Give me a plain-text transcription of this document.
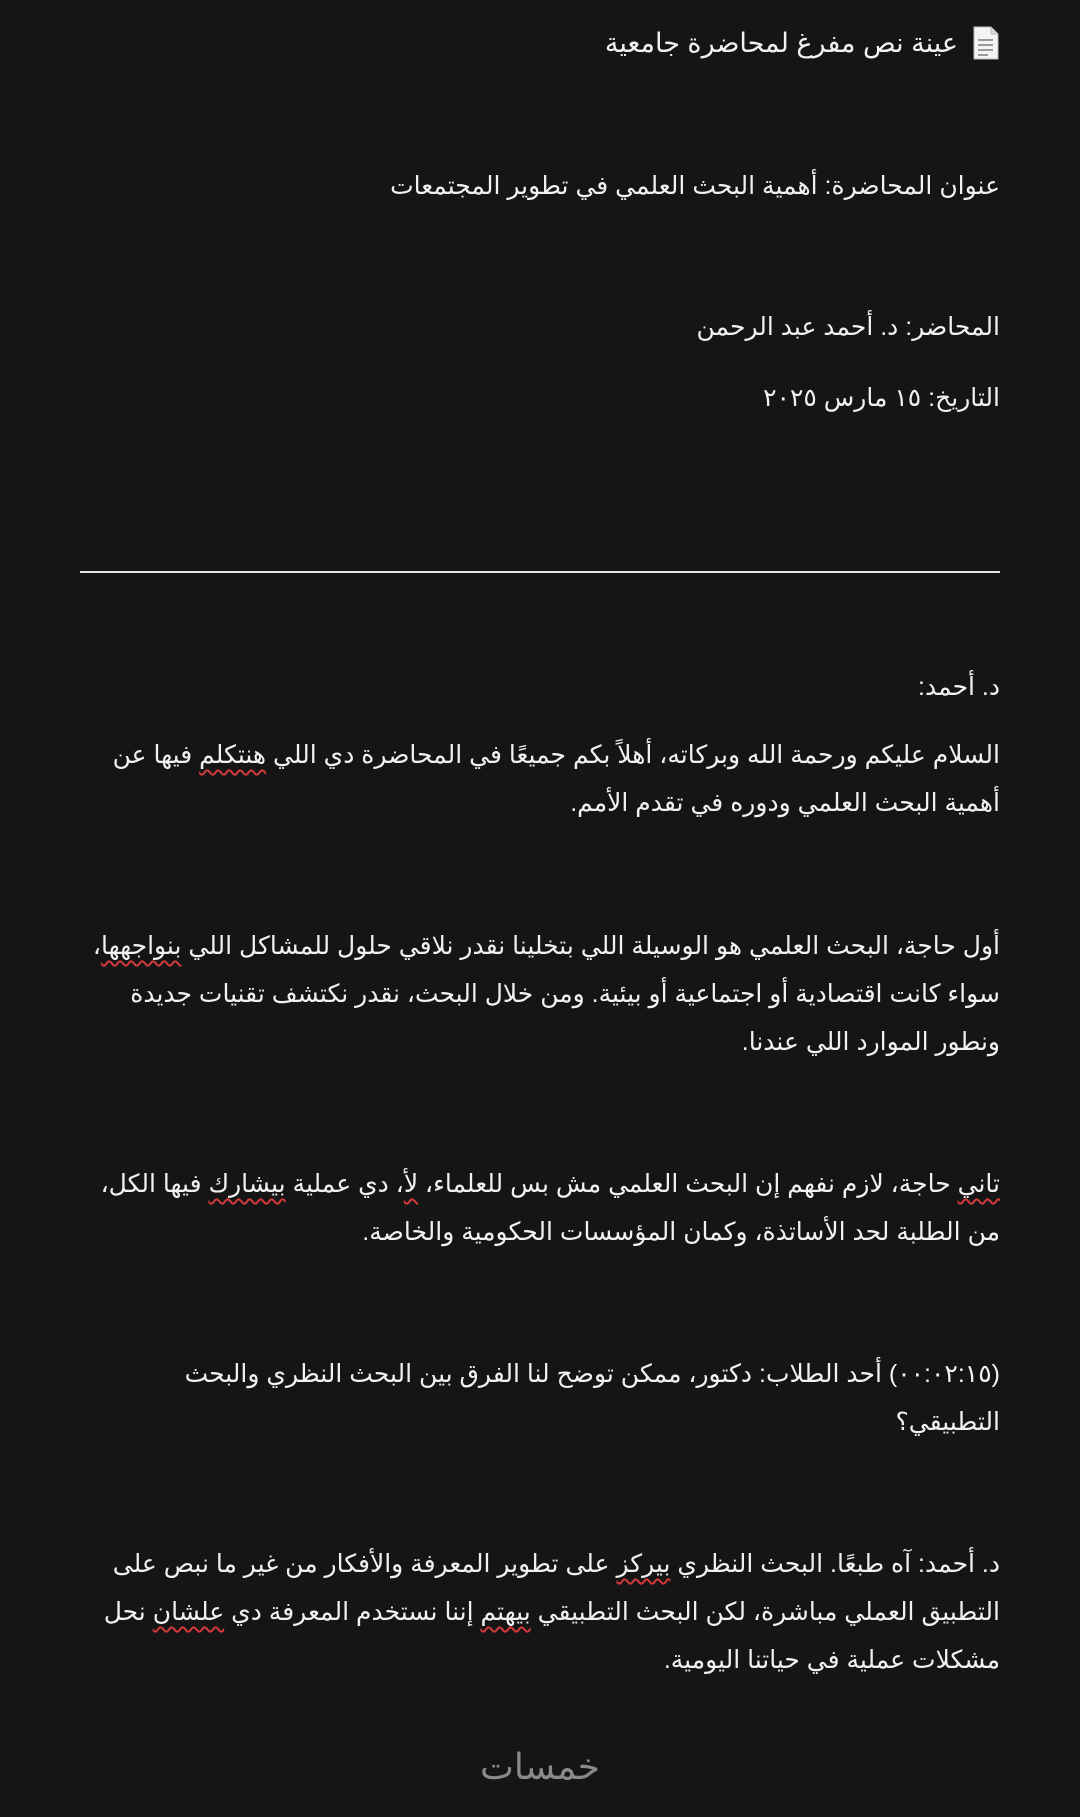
عينة نص مفرغ لمحاضرة جامعية

عنوان المحاضرة: أهمية البحث العلمي في تطوير المجتمعات

المحاضر: د. أحمد عبد الرحمن

التاريخ: ١٥ مارس ٢٠٢٥

د. أحمد:

السلام عليكم ورحمة الله وبركاته، أهلاً بكم جميعًا في المحاضرة دي اللي هنتكلم فيها عن أهمية البحث العلمي ودوره في تقدم الأمم.

أول حاجة، البحث العلمي هو الوسيلة اللي بتخلينا نقدر نلاقي حلول للمشاكل اللي بنواجهها، سواء كانت اقتصادية أو اجتماعية أو بيئية. ومن خلال البحث، نقدر نكتشف تقنيات جديدة ونطور الموارد اللي عندنا.

تاني حاجة، لازم نفهم إن البحث العلمي مش بس للعلماء، لأ، دي عملية بيشارك فيها الكل، من الطلبة لحد الأساتذة، وكمان المؤسسات الحكومية والخاصة.

(٠٠:٠٢:١٥) أحد الطلاب: دكتور، ممكن توضح لنا الفرق بين البحث النظري والبحث التطبيقي؟

د. أحمد: آه طبعًا. البحث النظري بيركز على تطوير المعرفة والأفكار من غير ما نبص على التطبيق العملي مباشرة، لكن البحث التطبيقي بيهتم إننا نستخدم المعرفة دي علشان نحل مشكلات عملية في حياتنا اليومية.

خمسات
